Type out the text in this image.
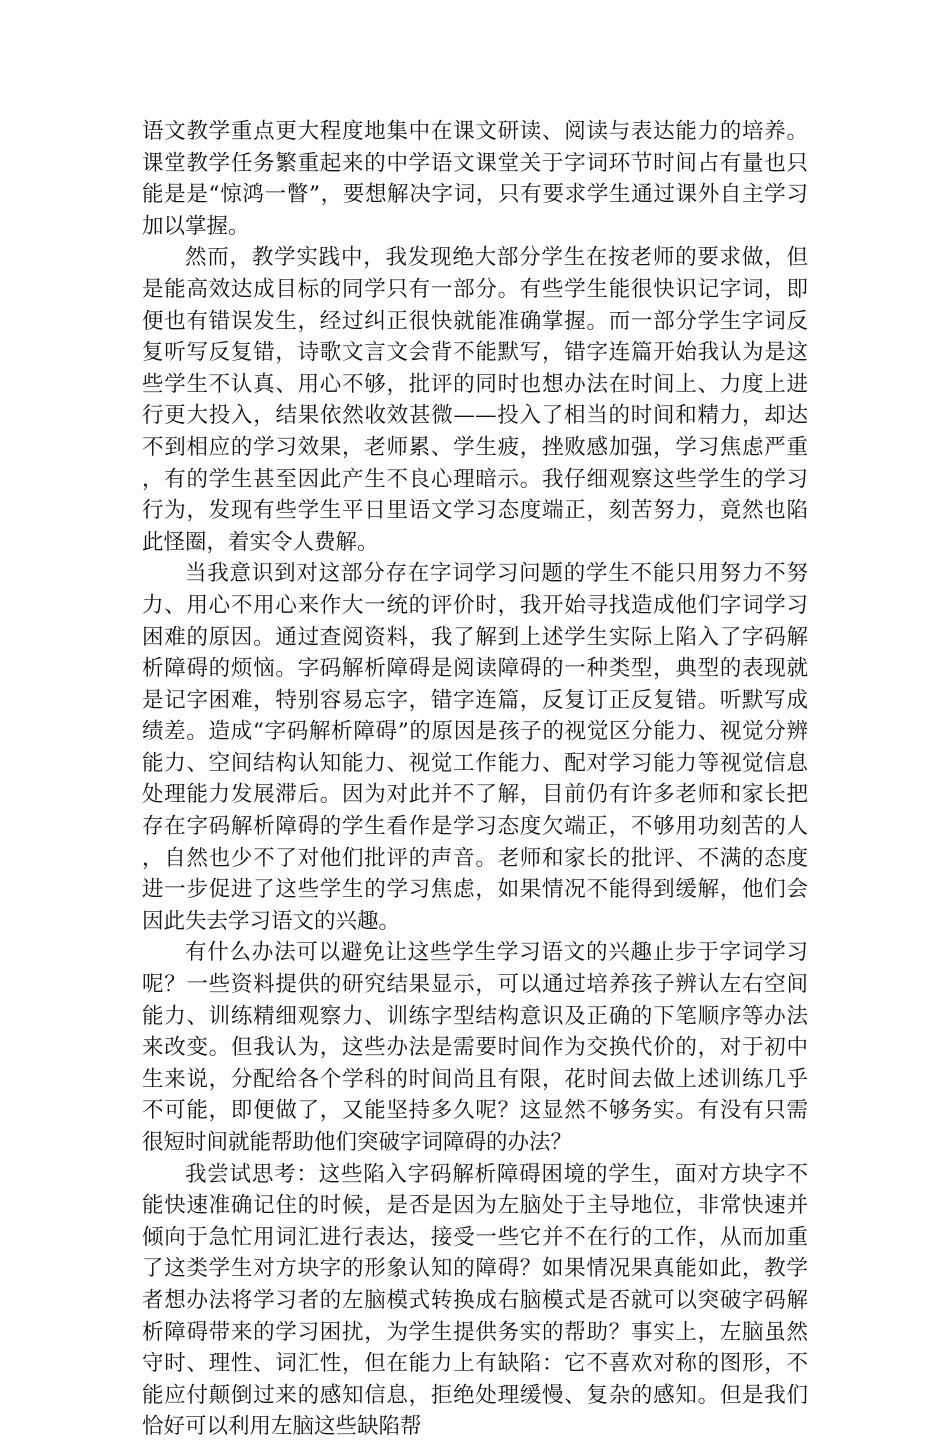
语文教学重点更大程度地集中在课文研读、阅读与表达能力的培养。课堂教学任务繁重起来的中学语文课堂关于字词环节时间占有量也只能是是“惊鸿一瞥”，要想解决字词，只有要求学生通过课外自主学习加以掌握。

然而，教学实践中，我发现绝大部分学生在按老师的要求做，但是能高效达成目标的同学只有一部分。有些学生能很快识记字词，即便也有错误发生，经过纠正很快就能准确掌握。而一部分学生字词反复听写反复错，诗歌文言文会背不能默写，错字连篇开始我认为是这些学生不认真、用心不够，批评的同时也想办法在时间上、力度上进行更大投入，结果依然收效甚微——投入了相当的时间和精力，却达不到相应的学习效果，老师累、学生疲，挫败感加强，学习焦虑严重，有的学生甚至因此产生不良心理暗示。我仔细观察这些学生的学习行为，发现有些学生平日里语文学习态度端正，刻苦努力，竟然也陷此怪圈，着实令人费解。

当我意识到对这部分存在字词学习问题的学生不能只用努力不努力、用心不用心来作大一统的评价时，我开始寻找造成他们字词学习困难的原因。通过查阅资料，我了解到上述学生实际上陷入了字码解析障碍的烦恼。字码解析障碍是阅读障碍的一种类型，典型的表现就是记字困难，特别容易忘字，错字连篇，反复订正反复错。听默写成绩差。造成“字码解析障碍”的原因是孩子的视觉区分能力、视觉分辨能力、空间结构认知能力、视觉工作能力、配对学习能力等视觉信息处理能力发展滞后。因为对此并不了解，目前仍有许多老师和家长把存在字码解析障碍的学生看作是学习态度欠端正，不够用功刻苦的人，自然也少不了对他们批评的声音。老师和家长的批评、不满的态度进一步促进了这些学生的学习焦虑，如果情况不能得到缓解，他们会因此失去学习语文的兴趣。

有什么办法可以避免让这些学生学习语文的兴趣止步于字词学习呢？一些资料提供的研究结果显示，可以通过培养孩子辨认左右空间能力、训练精细观察力、训练字型结构意识及正确的下笔顺序等办法来改变。但我认为，这些办法是需要时间作为交换代价的，对于初中生来说，分配给各个学科的时间尚且有限，花时间去做上述训练几乎不可能，即便做了，又能坚持多久呢？这显然不够务实。有没有只需很短时间就能帮助他们突破字词障碍的办法？

我尝试思考：这些陷入字码解析障碍困境的学生，面对方块字不能快速准确记住的时候，是否是因为左脑处于主导地位，非常快速并倾向于急忙用词汇进行表达，接受一些它并不在行的工作，从而加重了这类学生对方块字的形象认知的障碍？如果情况果真能如此，教学者想办法将学习者的左脑模式转换成右脑模式是否就可以突破字码解析障碍带来的学习困扰，为学生提供务实的帮助？事实上，左脑虽然守时、理性、词汇性，但在能力上有缺陷：它不喜欢对称的图形，不能应付颠倒过来的感知信息，拒绝处理缓慢、复杂的感知。但是我们恰好可以利用左脑这些缺陷帮
